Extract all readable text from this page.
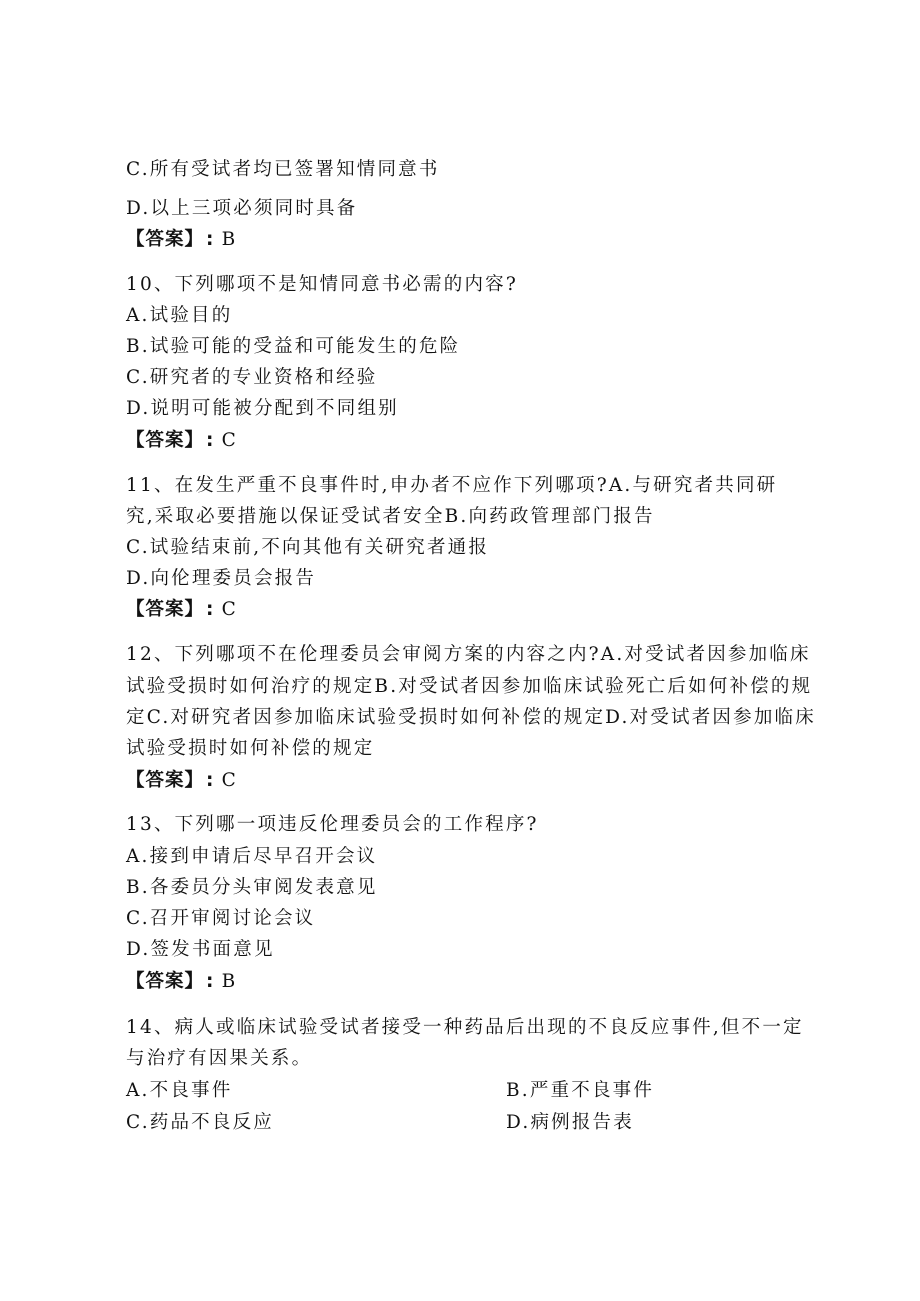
C.所有受试者均已签署知情同意书
D.以上三项必须同时具备
【答案】 : B
10、下列哪项不是知情同意书必需的内容?
A.试验目的
B.试验可能的受益和可能发生的危险
C.研究者的专业资格和经验
D.说明可能被分配到不同组别
【答案】 : C
11、在发生严重不良事件时,申办者不应作下列哪项?A.与研究者共同研
究,采取必要措施以保证受试者安全B.向药政管理部门报告
C.试验结束前,不向其他有关研究者通报
D.向伦理委员会报告
【答案】 : C
12、下列哪项不在伦理委员会审阅方案的内容之内?A.对受试者因参加临床
试验受损时如何治疗的规定B.对受试者因参加临床试验死亡后如何补偿的规
定C.对研究者因参加临床试验受损时如何补偿的规定D.对受试者因参加临床
试验受损时如何补偿的规定
【答案】 : C
13、下列哪一项违反伦理委员会的工作程序?
A.接到申请后尽早召开会议
B.各委员分头审阅发表意见
C.召开审阅讨论会议
D.签发书面意见
【答案】 : B
14、病人或临床试验受试者接受一种药品后出现的不良反应事件,但不一定
与治疗有因果关系。
A.不良事件	B.严重不良事件
C.药品不良反应	D.病例报告表
